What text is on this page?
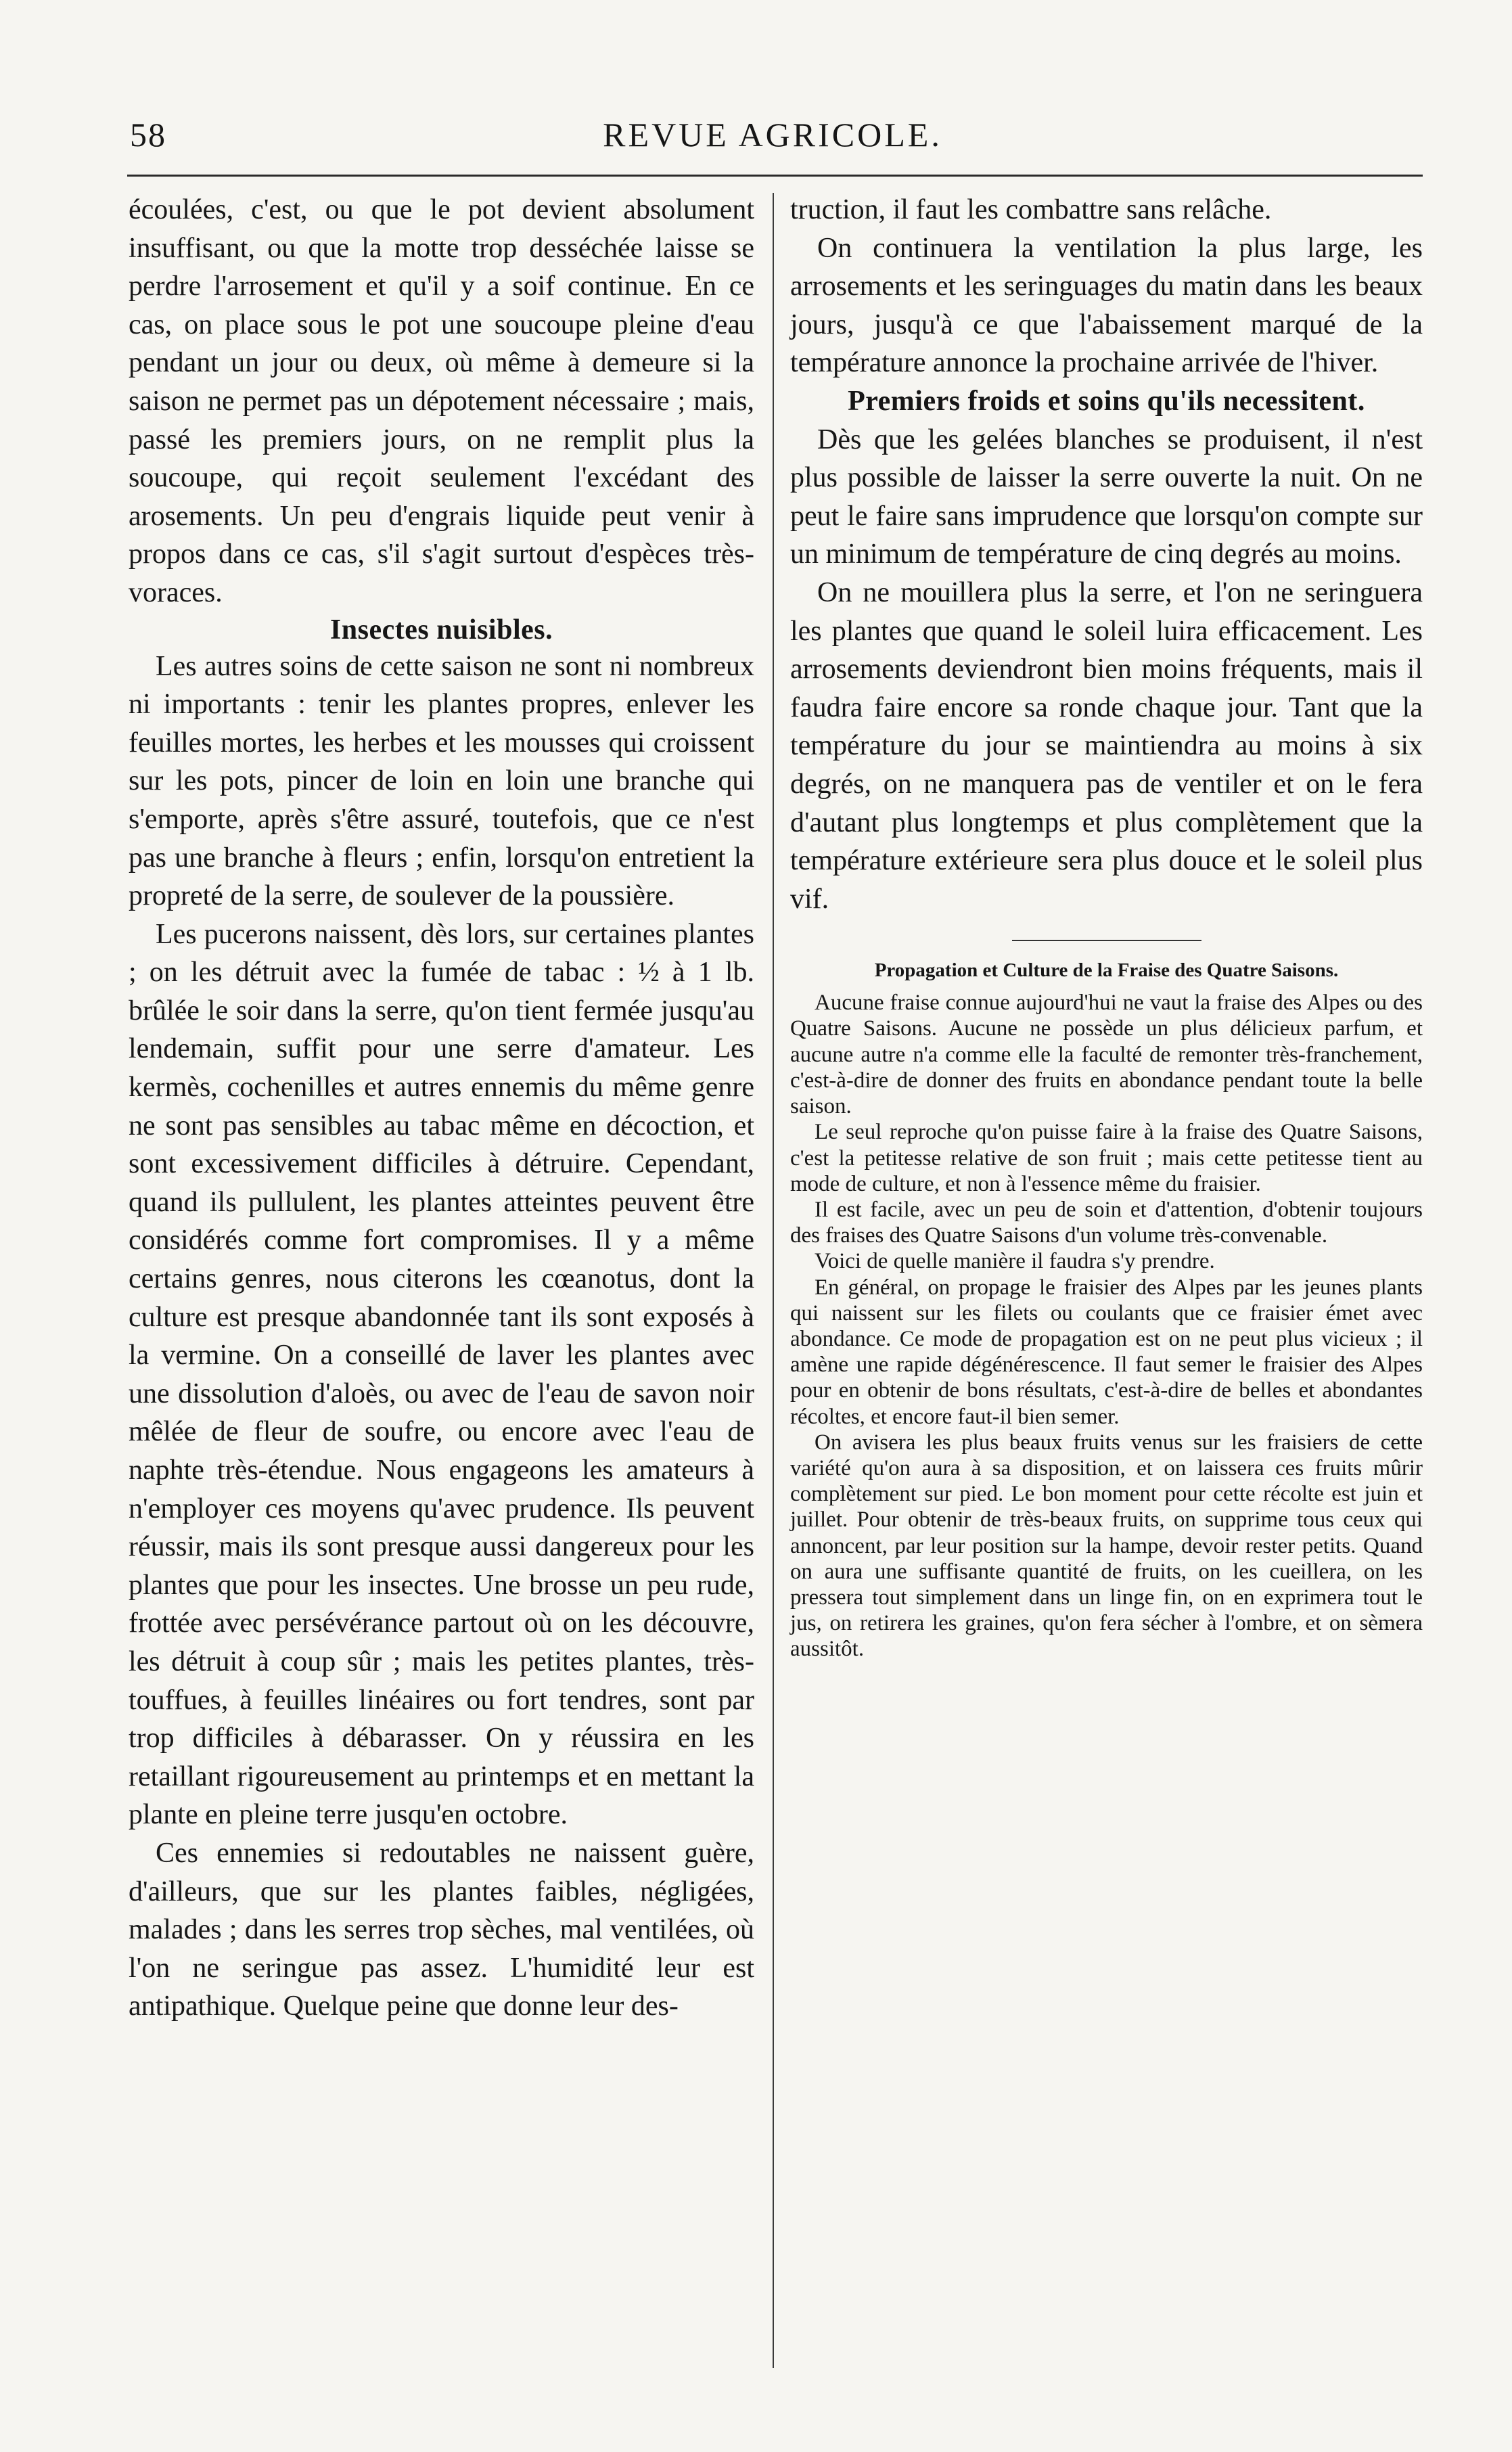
58	REVUE AGRICOLE.

écoulées, c'est, ou que le pot devient absolument insuffisant, ou que la motte trop desséchée laisse se perdre l'arrosement et qu'il y a soif continue. En ce cas, on place sous le pot une soucoupe pleine d'eau pendant un jour ou deux, où même à demeure si la saison ne permet pas un dépotement nécessaire ; mais, passé les premiers jours, on ne remplit plus la soucoupe, qui reçoit seulement l'excédant des arosements. Un peu d'engrais liquide peut venir à propos dans ce cas, s'il s'agit surtout d'espèces très-voraces.

Insectes nuisibles.

Les autres soins de cette saison ne sont ni nombreux ni importants : tenir les plantes propres, enlever les feuilles mortes, les herbes et les mousses qui croissent sur les pots, pincer de loin en loin une branche qui s'emporte, après s'être assuré, toutefois, que ce n'est pas une branche à fleurs ; enfin, lorsqu'on entretient la propreté de la serre, de soulever de la poussière.

Les pucerons naissent, dès lors, sur certaines plantes ; on les détruit avec la fumée de tabac : ½ à 1 lb. brûlée le soir dans la serre, qu'on tient fermée jusqu'au lendemain, suffit pour une serre d'amateur. Les kermès, cochenilles et autres ennemis du même genre ne sont pas sensibles au tabac même en décoction, et sont excessivement difficiles à détruire. Cependant, quand ils pullulent, les plantes atteintes peuvent être considérés comme fort compromises. Il y a même certains genres, nous citerons les cœanotus, dont la culture est presque abandonnée tant ils sont exposés à la vermine. On a conseillé de laver les plantes avec une dissolution d'aloès, ou avec de l'eau de savon noir mêlée de fleur de soufre, ou encore avec l'eau de naphte très-étendue. Nous engageons les amateurs à n'employer ces moyens qu'avec prudence. Ils peuvent réussir, mais ils sont presque aussi dangereux pour les plantes que pour les insectes. Une brosse un peu rude, frottée avec persévérance partout où on les découvre, les détruit à coup sûr ; mais les petites plantes, très-touffues, à feuilles linéaires ou fort tendres, sont par trop difficiles à débarasser. On y réussira en les retaillant rigoureusement au printemps et en mettant la plante en pleine terre jusqu'en octobre.

Ces ennemies si redoutables ne naissent guère, d'ailleurs, que sur les plantes faibles, négligées, malades ; dans les serres trop sèches, mal ventilées, où l'on ne seringue pas assez. L'humidité leur est antipathique. Quelque peine que donne leur des-

truction, il faut les combattre sans relâche.

On continuera la ventilation la plus large, les arrosements et les seringuages du matin dans les beaux jours, jusqu'à ce que l'abaissement marqué de la température annonce la prochaine arrivée de l'hiver.

Premiers froids et soins qu'ils necessitent.

Dès que les gelées blanches se produisent, il n'est plus possible de laisser la serre ouverte la nuit. On ne peut le faire sans imprudence que lorsqu'on compte sur un minimum de température de cinq degrés au moins.

On ne mouillera plus la serre, et l'on ne seringuera les plantes que quand le soleil luira efficacement. Les arrosements deviendront bien moins fréquents, mais il faudra faire encore sa ronde chaque jour. Tant que la température du jour se maintiendra au moins à six degrés, on ne manquera pas de ventiler et on le fera d'autant plus longtemps et plus complètement que la température extérieure sera plus douce et le soleil plus vif.

Propagation et Culture de la Fraise des Quatre Saisons.

Aucune fraise connue aujourd'hui ne vaut la fraise des Alpes ou des Quatre Saisons. Aucune ne possède un plus délicieux parfum, et aucune autre n'a comme elle la faculté de remonter très-franchement, c'est-à-dire de donner des fruits en abondance pendant toute la belle saison.

Le seul reproche qu'on puisse faire à la fraise des Quatre Saisons, c'est la petitesse relative de son fruit ; mais cette petitesse tient au mode de culture, et non à l'essence même du fraisier.

Il est facile, avec un peu de soin et d'attention, d'obtenir toujours des fraises des Quatre Saisons d'un volume très-convenable.

Voici de quelle manière il faudra s'y prendre.

En général, on propage le fraisier des Alpes par les jeunes plants qui naissent sur les filets ou coulants que ce fraisier émet avec abondance. Ce mode de propagation est on ne peut plus vicieux ; il amène une rapide dégénérescence. Il faut semer le fraisier des Alpes pour en obtenir de bons résultats, c'est-à-dire de belles et abondantes récoltes, et encore faut-il bien semer.

On avisera les plus beaux fruits venus sur les fraisiers de cette variété qu'on aura à sa disposition, et on laissera ces fruits mûrir complètement sur pied. Le bon moment pour cette récolte est juin et juillet. Pour obtenir de très-beaux fruits, on supprime tous ceux qui annoncent, par leur position sur la hampe, devoir rester petits. Quand on aura une suffisante quantité de fruits, on les cueillera, on les pressera tout simplement dans un linge fin, on en exprimera tout le jus, on retirera les graines, qu'on fera sécher à l'ombre, et on sèmera aussitôt.
